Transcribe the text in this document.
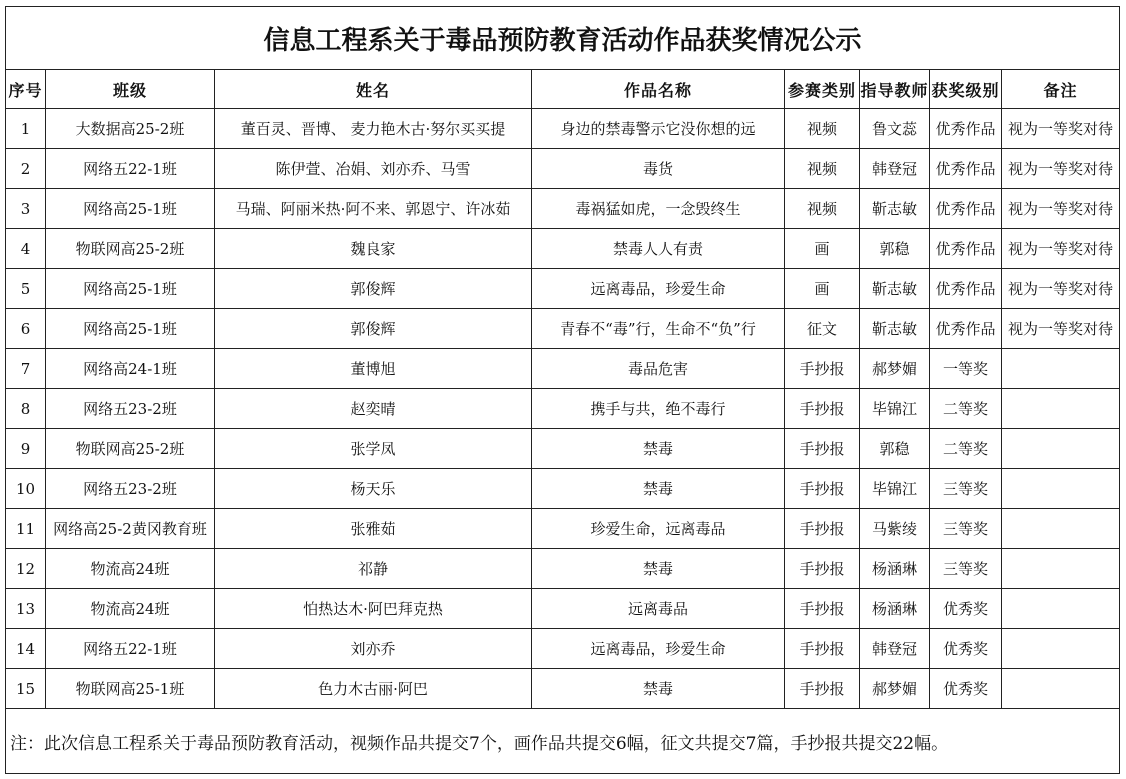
信息工程系关于毒品预防教育活动作品获奖情况公示							
序号	班级	姓名	作品名称	参赛类别	指导教师	获奖级别	备注
1	大数据高25-2班	董百灵、晋博、 麦力艳木古·努尔买买提	身边的禁毒警示它没你想的远	视频	鲁文蕊	优秀作品	视为一等奖对待
2	网络五22-1班	陈伊萱、冶娟、刘亦乔、马雪	毒货	视频	韩登冠	优秀作品	视为一等奖对待
3	网络高25-1班	马瑞、阿丽米热·阿不来、郭恩宁、许冰茹	毒祸猛如虎，一念毁终生	视频	靳志敏	优秀作品	视为一等奖对待
4	物联网高25-2班	魏良家	禁毒人人有责	画	郭稳	优秀作品	视为一等奖对待
5	网络高25-1班	郭俊辉	远离毒品，珍爱生命	画	靳志敏	优秀作品	视为一等奖对待
6	网络高25-1班	郭俊辉	青春不“毒”行，生命不“负”行	征文	靳志敏	优秀作品	视为一等奖对待
7	网络高24-1班	董博旭	毒品危害	手抄报	郝梦媚	一等奖	
8	网络五23-2班	赵奕晴	携手与共，绝不毒行	手抄报	毕锦江	二等奖	
9	物联网高25-2班	张学凤	禁毒	手抄报	郭稳	二等奖	
10	网络五23-2班	杨天乐	禁毒	手抄报	毕锦江	三等奖	
11	网络高25-2黄冈教育班	张雅茹	珍爱生命，远离毒品	手抄报	马紫绫	三等奖	
12	物流高24班	祁静	禁毒	手抄报	杨涵琳	三等奖	
13	物流高24班	怕热达木·阿巴拜克热	远离毒品	手抄报	杨涵琳	优秀奖	
14	网络五22-1班	刘亦乔	远离毒品，珍爱生命	手抄报	韩登冠	优秀奖	
15	物联网高25-1班	色力木古丽·阿巴	禁毒	手抄报	郝梦媚	优秀奖	
注：此次信息工程系关于毒品预防教育活动，视频作品共提交7个，画作品共提交6幅，征文共提交7篇，手抄报共提交22幅。							
